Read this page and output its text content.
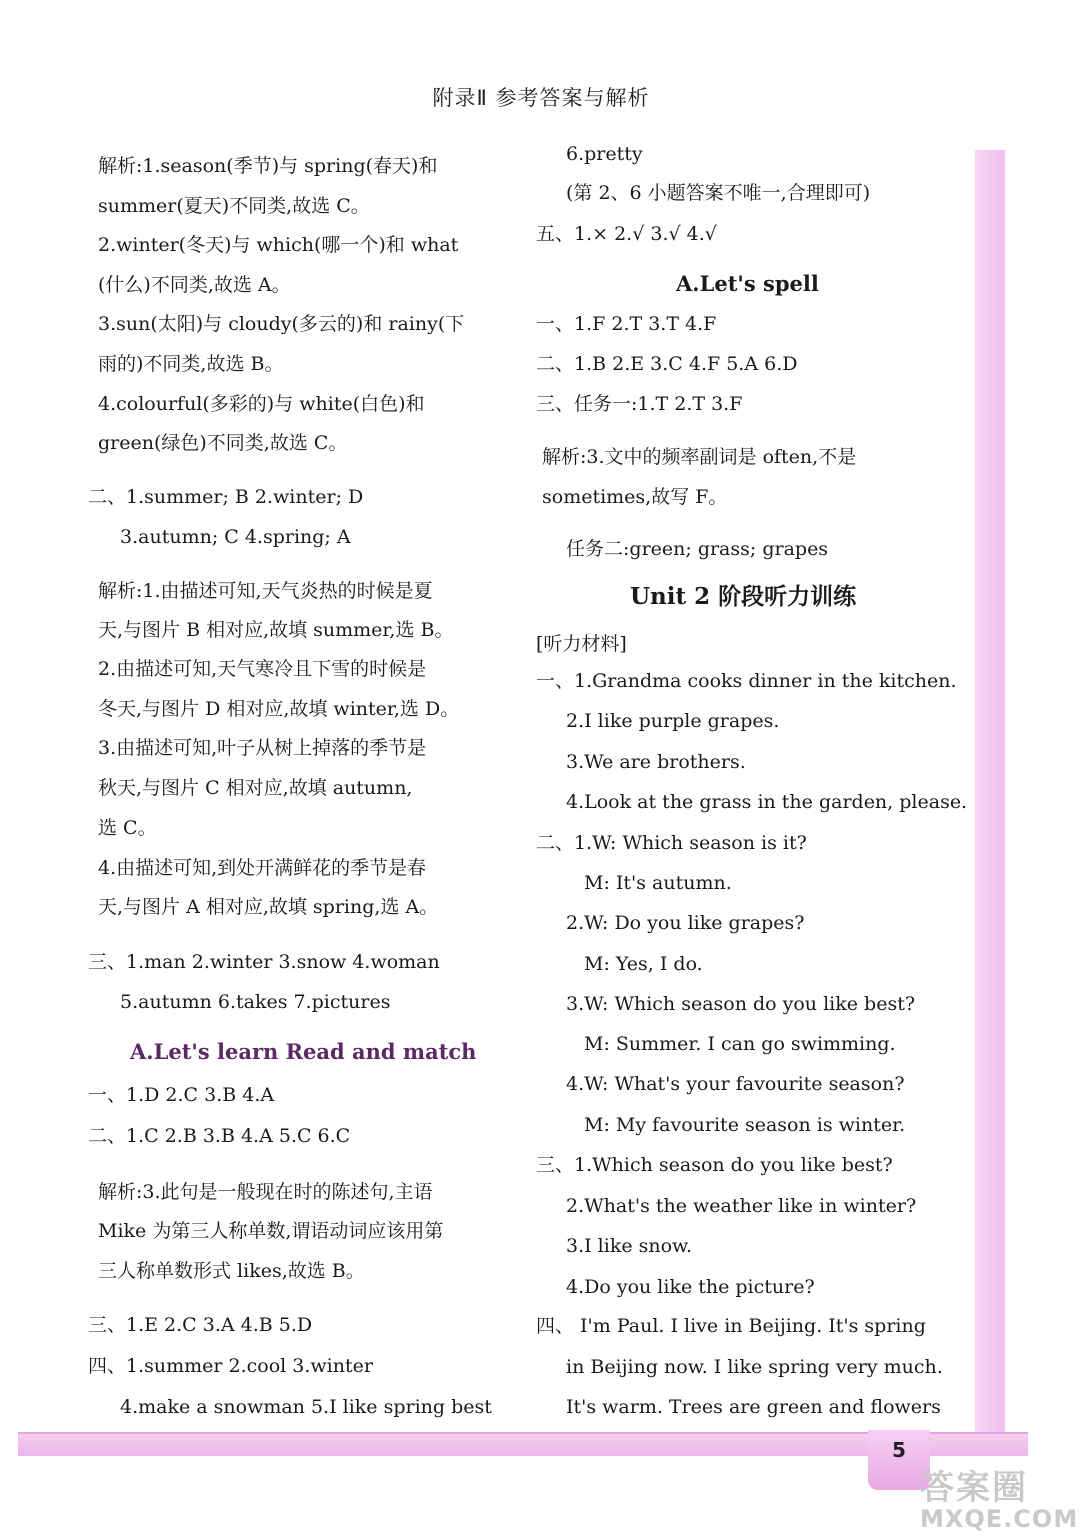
附录Ⅱ 参考答案与解析
解析:1.season(季节)与 spring(春天)和
summer(夏天)不同类,故选 C。
2.winter(冬天)与 which(哪一个)和 what
(什么)不同类,故选 A。
3.sun(太阳)与 cloudy(多云的)和 rainy(下
雨的)不同类,故选 B。
4.colourful(多彩的)与 white(白色)和
green(绿色)不同类,故选 C。
二、1.summer; B 2.winter; D
3.autumn; C 4.spring; A
解析:1.由描述可知,天气炎热的时候是夏
天,与图片 B 相对应,故填 summer,选 B。
2.由描述可知,天气寒冷且下雪的时候是
冬天,与图片 D 相对应,故填 winter,选 D。
3.由描述可知,叶子从树上掉落的季节是
秋天,与图片 C 相对应,故填 autumn,
选 C。
4.由描述可知,到处开满鲜花的季节是春
天,与图片 A 相对应,故填 spring,选 A。
三、1.man 2.winter 3.snow 4.woman
5.autumn 6.takes 7.pictures
A.Let's learn Read and match
一、1.D 2.C 3.B 4.A
二、1.C 2.B 3.B 4.A 5.C 6.C
解析:3.此句是一般现在时的陈述句,主语
Mike 为第三人称单数,谓语动词应该用第
三人称单数形式 likes,故选 B。
三、1.E 2.C 3.A 4.B 5.D
四、1.summer 2.cool 3.winter
4.make a snowman 5.I like spring best
6.pretty
(第 2、6 小题答案不唯一,合理即可)
五、1.× 2.√ 3.√ 4.√
A.Let's spell
一、1.F 2.T 3.T 4.F
二、1.B 2.E 3.C 4.F 5.A 6.D
三、任务一:1.T 2.T 3.F
解析:3.文中的频率副词是 often,不是
sometimes,故写 F。
任务二:green; grass; grapes
Unit 2 阶段听力训练
[听力材料]
一、1.Grandma cooks dinner in the kitchen.
2.I like purple grapes.
3.We are brothers.
4.Look at the grass in the garden, please.
二、1.W: Which season is it?
M: It's autumn.
2.W: Do you like grapes?
M: Yes, I do.
3.W: Which season do you like best?
M: Summer. I can go swimming.
4.W: What's your favourite season?
M: My favourite season is winter.
三、1.Which season do you like best?
2.What's the weather like in winter?
3.I like snow.
4.Do you like the picture?
四、 I'm Paul. I live in Beijing. It's spring
in Beijing now. I like spring very much.
It's warm. Trees are green and flowers
5
答案圈
MXQE.COM
